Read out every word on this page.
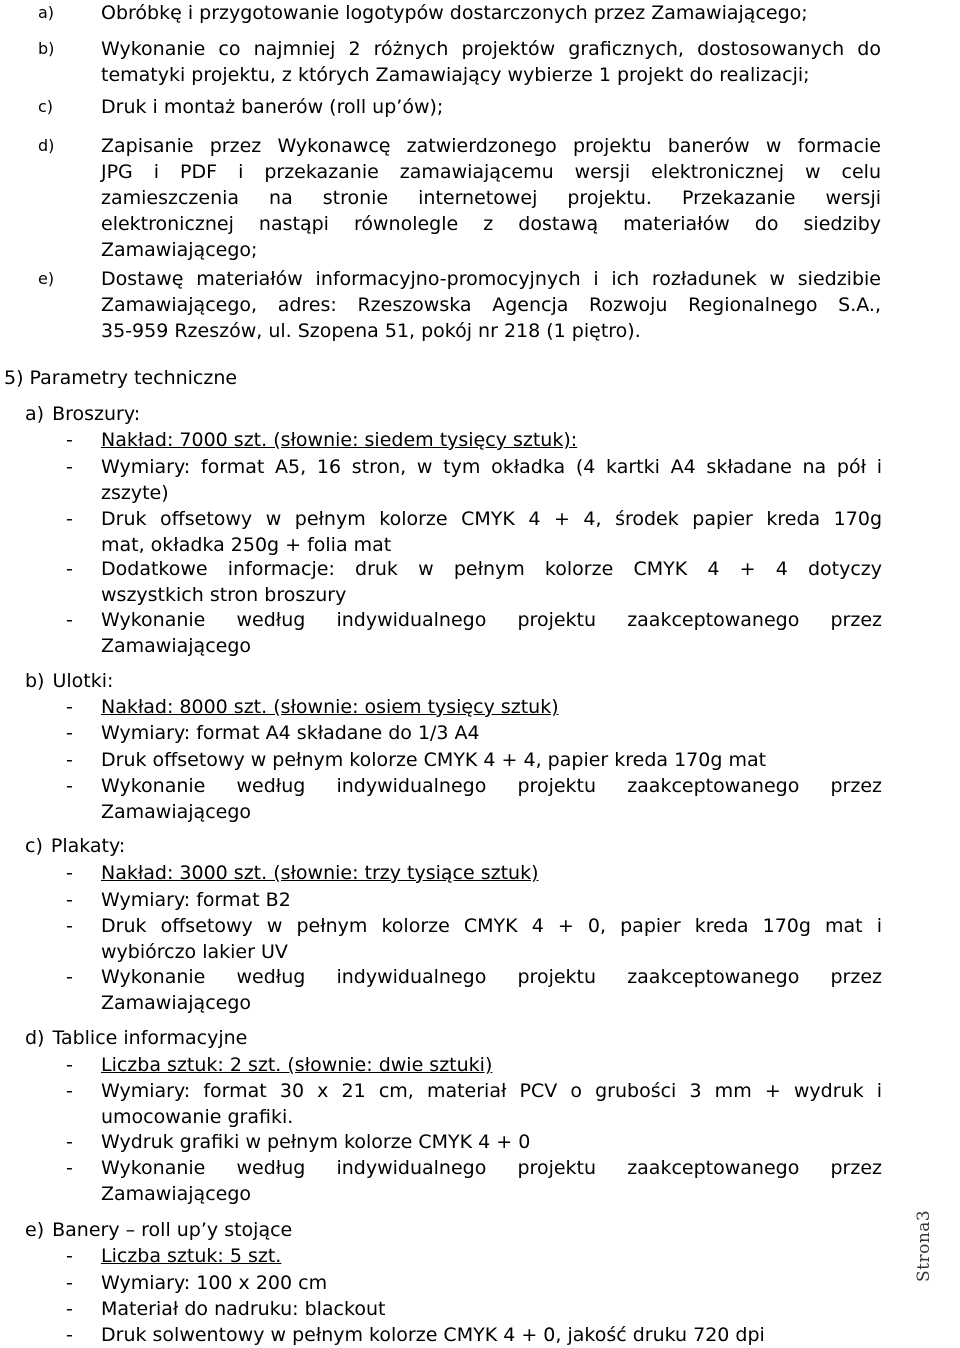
a)	Obróbkę i przygotowanie logotypów dostarczonych przez Zamawiającego;
b)	Wykonanie co najmniej 2 różnych projektów graficznych, dostosowanych do
tematyki projektu, z których Zamawiający wybierze 1 projekt do realizacji;
c)	Druk i montaż banerów (roll up’ów);
d)	Zapisanie przez Wykonawcę zatwierdzonego projektu banerów w formacie
JPG i PDF i przekazanie zamawiającemu wersji elektronicznej w celu
zamieszczenia na stronie internetowej projektu. Przekazanie wersji
elektronicznej nastąpi równolegle z dostawą materiałów do siedziby
Zamawiającego;
e)	Dostawę materiałów informacyjno-promocyjnych i ich rozładunek w siedzibie
Zamawiającego, adres: Rzeszowska Agencja Rozwoju Regionalnego S.A.,
35-959 Rzeszów, ul. Szopena 51, pokój nr 218 (1 piętro).
5) Parametry techniczne
a) Broszury:
- Nakład: 7000 szt. (słownie: siedem tysięcy sztuk):
- Wymiary: format A5, 16 stron, w tym okładka (4 kartki A4 składane na pół i
zszyte)
- Druk offsetowy w pełnym kolorze CMYK 4 + 4, środek papier kreda 170g
mat, okładka 250g + folia mat
- Dodatkowe informacje: druk w pełnym kolorze CMYK 4 + 4 dotyczy
wszystkich stron broszury
- Wykonanie według indywidualnego projektu zaakceptowanego przez
Zamawiającego
b) Ulotki:
- Nakład: 8000 szt. (słownie: osiem tysięcy sztuk)
- Wymiary: format A4 składane do 1/3 A4
- Druk offsetowy w pełnym kolorze CMYK 4 + 4, papier kreda 170g mat
- Wykonanie według indywidualnego projektu zaakceptowanego przez
Zamawiającego
c) Plakaty:
- Nakład: 3000 szt. (słownie: trzy tysiące sztuk)
- Wymiary: format B2
- Druk offsetowy w pełnym kolorze CMYK 4 + 0, papier kreda 170g mat i
wybiórczo lakier UV
- Wykonanie według indywidualnego projektu zaakceptowanego przez
Zamawiającego
d) Tablice informacyjne
- Liczba sztuk: 2 szt. (słownie: dwie sztuki)
- Wymiary: format 30 x 21 cm, materiał PCV o grubości 3 mm + wydruk i
umocowanie grafiki.
- Wydruk grafiki w pełnym kolorze CMYK 4 + 0
- Wykonanie według indywidualnego projektu zaakceptowanego przez
Zamawiającego
e) Banery – roll up’y stojące
- Liczba sztuk: 5 szt.
- Wymiary: 100 x 200 cm
- Materiał do nadruku: blackout
- Druk solwentowy w pełnym kolorze CMYK 4 + 0, jakość druku 720 dpi
Strona3
